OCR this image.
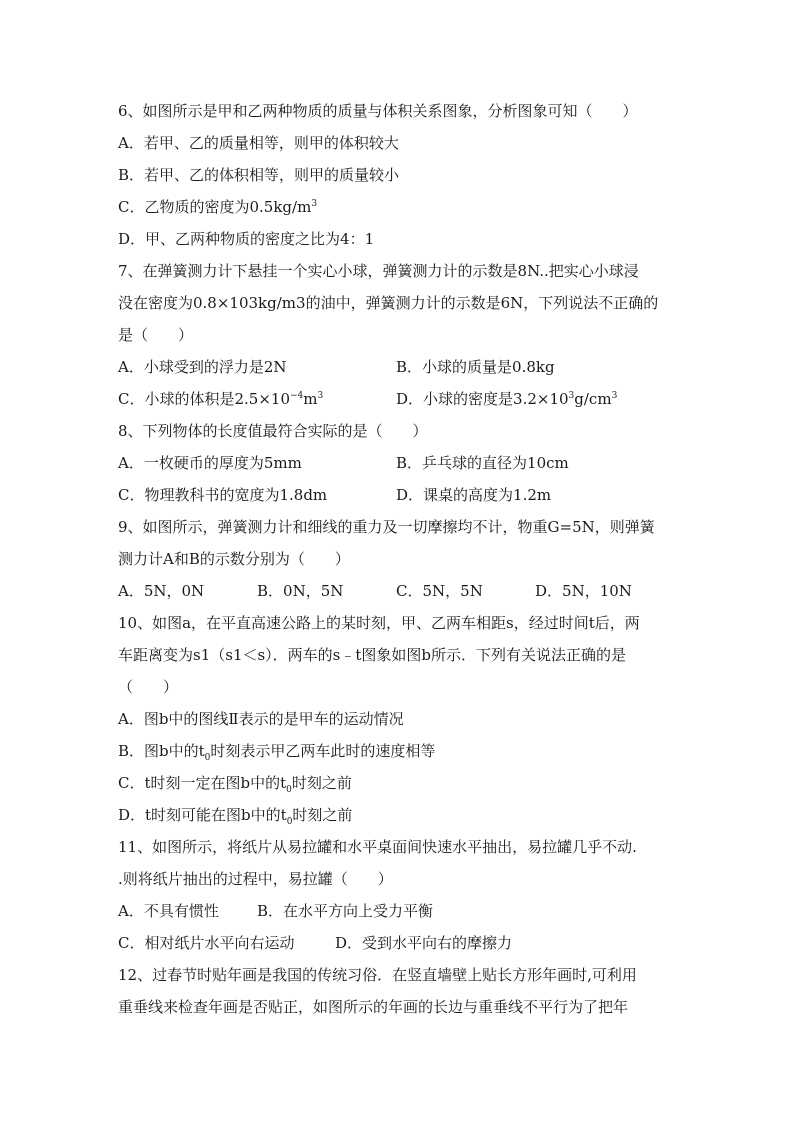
6、如图所示是甲和乙两种物质的质量与体积关系图象，分析图象可知（　　）
A．若甲、乙的质量相等，则甲的体积较大
B．若甲、乙的体积相等，则甲的质量较小
C．乙物质的密度为$0.5kg/m^3$
D．甲、乙两种物质的密度之比为4：1
7、在弹簧测力计下悬挂一个实心小球，弹簧测力计的示数是8N..把实心小球浸
没在密度为0.8×103kg/m3的油中，弹簧测力计的示数是6N，下列说法不正确的
是（　　）
A．小球受到的浮力是2N	B．小球的质量是0.8kg
C．小球的体积是$2.5\times 10^{-4}m^3$	D．小球的密度是$3.2\times 10^3g/cm^3$
8、下列物体的长度值最符合实际的是（　　）
A．一枚硬币的厚度为5mm	B．乒乓球的直径为10cm
C．物理教科书的宽度为1.8dm	D．课桌的高度为1.2m
9、如图所示，弹簧测力计和细线的重力及一切摩擦均不计，物重G=5N，则弹簧
测力计A和B的示数分别为（　　）
A．5N，0N	B．0N，5N	C．5N，5N	D．5N，10N
10、如图a，在平直高速公路上的某时刻，甲、乙两车相距s，经过时间t后，两
车距离变为s1（s1＜s）．两车的s﹣t图象如图b所示．下列有关说法正确的是
（　　）
A．图b中的图线Ⅱ表示的是甲车的运动情况
B．图b中的$t_0$时刻表示甲乙两车此时的速度相等
C．t时刻一定在图b中的$t_0$时刻之前
D．t时刻可能在图b中的$t_0$时刻之前
11、如图所示，将纸片从易拉罐和水平桌面间快速水平抽出，易拉罐几乎不动.
.则将纸片抽出的过程中，易拉罐（　　）
A．不具有惯性	B．在水平方向上受力平衡
C．相对纸片水平向右运动	D．受到水平向右的摩擦力
12、过春节时贴年画是我国的传统习俗．在竖直墙壁上贴长方形年画时,可利用
重垂线来检查年画是否贴正，如图所示的年画的长边与重垂线不平行为了把年
